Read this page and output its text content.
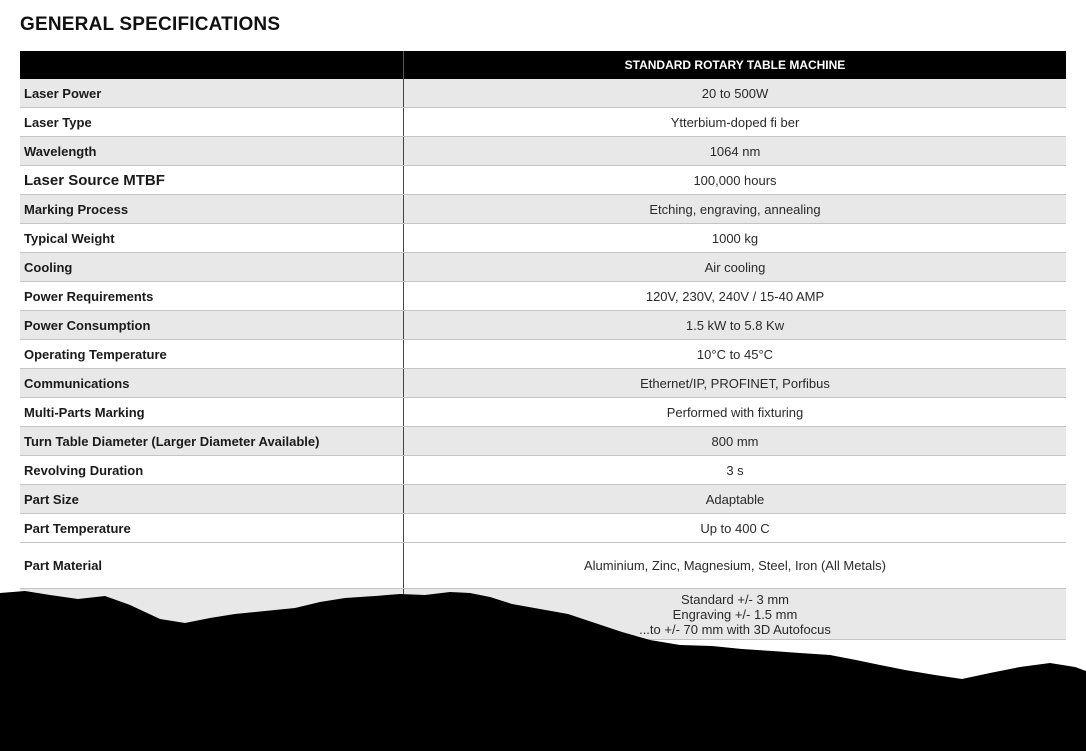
GENERAL SPECIFICATIONS
	STANDARD ROTARY TABLE MACHINE
Laser Power	20 to 500W
Laser Type	Ytterbium-doped fi ber
Wavelength	1064 nm
Laser Source MTBF	100,000 hours
Marking Process	Etching, engraving, annealing
Typical Weight	1000 kg
Cooling	Air cooling
Power Requirements	120V, 230V, 240V / 15-40 AMP
Power Consumption	1.5 kW to 5.8 Kw
Operating Temperature	10°C to 45°C
Communications	Ethernet/IP, PROFINET, Porfibus
Multi-Parts Marking	Performed with fixturing
Turn Table Diameter (Larger Diameter Available)	800 mm
Revolving Duration	3 s
Part Size	Adaptable
Part Temperature	Up to 400 C
Part Material	Aluminium, Zinc, Magnesium, Steel, Iron (All Metals)

Standard +/- 3 mm
Engraving +/- 1.5 mm
...to +/- 70 mm with 3D Autofocus
